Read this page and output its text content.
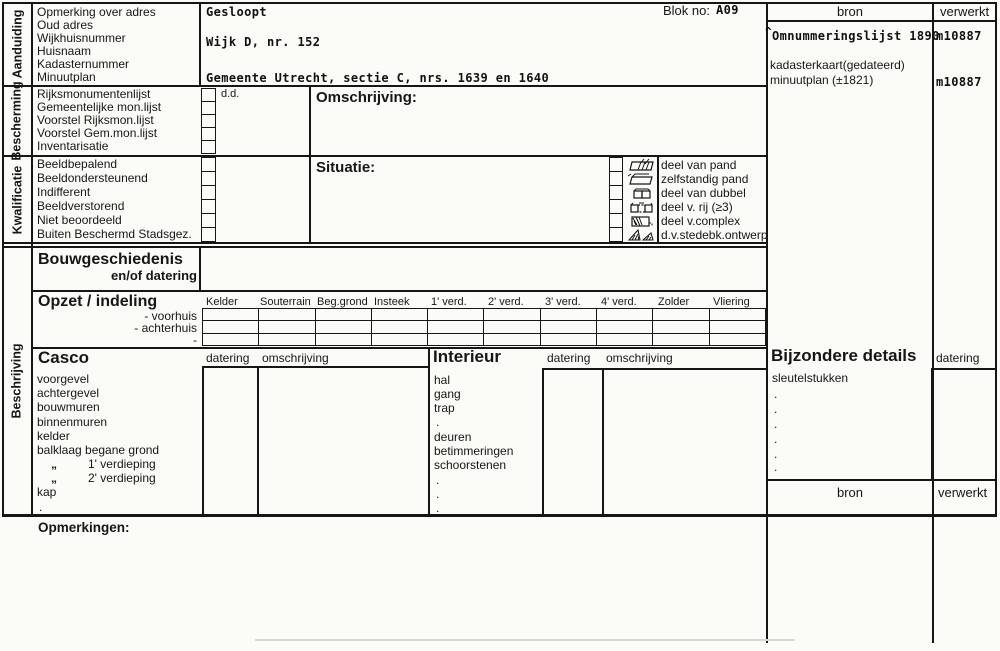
Aanduiding
Bescherming
Kwalificatie
Beschrijving
Opmerking over adres
Oud adres
Wijkhuisnummer
Huisnaam
Kadasternummer
Minuutplan
Gesloopt
Wijk D, nr. 152
Gemeente Utrecht, sectie C, nrs. 1639 en 1640
Blok no: A09	bron	verwerkt
^ Omnummeringslijst 1890
m10887
kadasterkaart(gedateerd)
minuutplan (±1821)	m10887
Rijksmonumentenlijst
Gemeentelijke mon.lijst
Voorstel Rijksmon.lijst
Voorstel Gem.mon.lijst
Inventarisatie
d.d.	Omschrijving:
Beeldbepalend
Beeldondersteunend
Indifferent
Beeldverstorend
Niet beoordeeld
Buiten Beschermd Stadsgez.
Situatie:	deel van pand
zelfstandig pand
deel van dubbel
deel v. rij (≥3)
deel v.complex
d.v.stedebk.ontwerp
Bouwgeschiedenis
en/of datering
Opzet / indeling
- voorhuis
- achterhuis
-
Kelder Souterrain Beg.grond Insteek 1' verd. 2' verd. 3' verd. 4' verd. Zolder Vliering
Casco	datering omschrijving
voorgevel
achtergevel
bouwmuren
binnenmuren
kelder
balklaag begane grond
„	1' verdieping
„	2' verdieping
kap
.
Interieur	datering omschrijving
hal
gang
trap
.
deuren
betimmeringen
schoorstenen
.
.
.
Bijzondere details datering
sleutelstukken
.
.
.
.
.
.
bron	verwerkt
Opmerkingen:
